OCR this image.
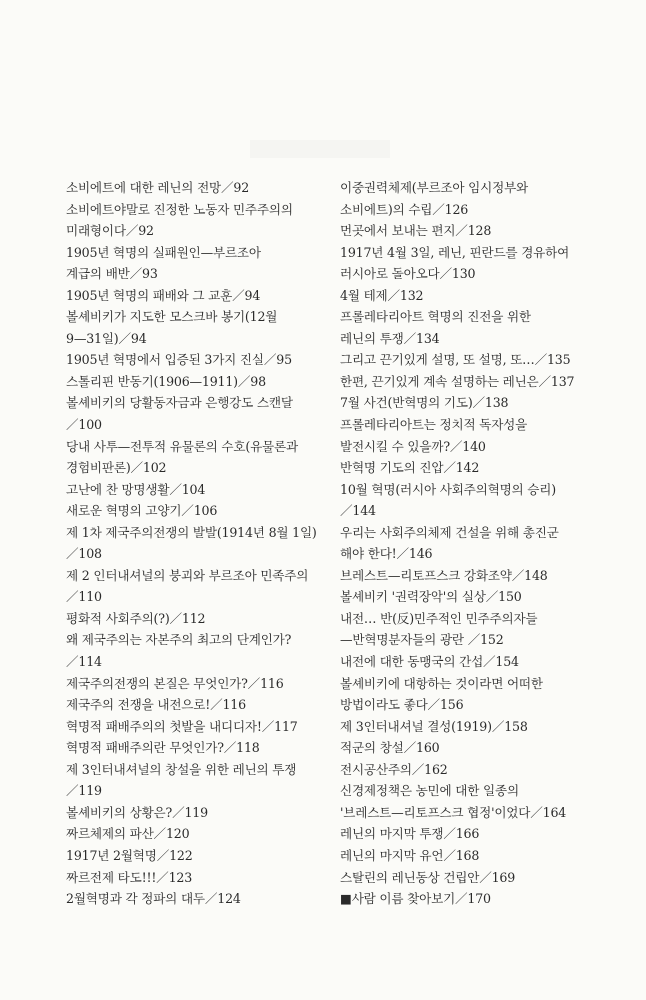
소비에트에 대한 레닌의 전망／92
소비에트야말로 진정한 노동자 민주주의의
미래형이다／92
1905년 혁명의 실패원인—부르조아
계급의 배반／93
1905년 혁명의 패배와 그 교훈／94
볼셰비키가 지도한 모스크바 봉기(12월
9—31일)／94
1905년 혁명에서 입증된 3가지 진실／95
스톨리핀 반동기(1906—1911)／98
볼셰비키의 당활동자금과 은행강도 스캔달
／100
당내 사투—전투적 유물론의 수호(유물론과
경험비판론)／102
고난에 찬 망명생활／104
새로운 혁명의 고양기／106
제 1차 제국주의전쟁의 발발(1914년 8월 1일)
／108
제 2 인터내셔널의 붕괴와 부르조아 민족주의
／110
평화적 사회주의(?)／112
왜 제국주의는 자본주의 최고의 단계인가?
／114
제국주의전쟁의 본질은 무엇인가?／116
제국주의 전쟁을 내전으로!／116
혁명적 패배주의의 첫발을 내디디자!／117
혁명적 패배주의란 무엇인가?／118
제 3인터내셔널의 창설을 위한 레닌의 투쟁
／119
볼셰비키의 상황은?／119
짜르체제의 파산／120
1917년 2월혁명／122
짜르전제 타도!!!／123
2월혁명과 각 정파의 대두／124
이중권력체제(부르조아 임시정부와
소비에트)의 수립／126
먼곳에서 보내는 편지／128
1917년 4월 3일, 레닌, 핀란드를 경유하여
러시아로 돌아오다／130
4월 테제／132
프롤레타리아트 혁명의 진전을 위한
레닌의 투쟁／134
그리고 끈기있게 설명, 또 설명, 또…／135
한편, 끈기있게 계속 설명하는 레닌은／137
7월 사건(반혁명의 기도)／138
프롤레타리아트는 정치적 독자성을
발전시킬 수 있을까?／140
반혁명 기도의 진압／142
10월 혁명(러시아 사회주의혁명의 승리)
／144
우리는 사회주의체제 건설을 위해 총진군
해야 한다!／146
브레스트—리토프스크 강화조약／148
볼셰비키 '권력장악'의 실상／150
내전… 반(反)민주적인 민주주의자들
—반혁명분자들의 광란 ／152
내전에 대한 동맹국의 간섭／154
볼셰비키에 대항하는 것이라면 어떠한
방법이라도 좋다／156
제 3인터내셔널 결성(1919)／158
적군의 창설／160
전시공산주의／162
신경제정책은 농민에 대한 일종의
'브레스트—리토프스크 협정'이었다／164
레닌의 마지막 투쟁／166
레닌의 마지막 유언／168
스탈린의 레닌동상 건립안／169
■사람 이름 찾아보기／170
